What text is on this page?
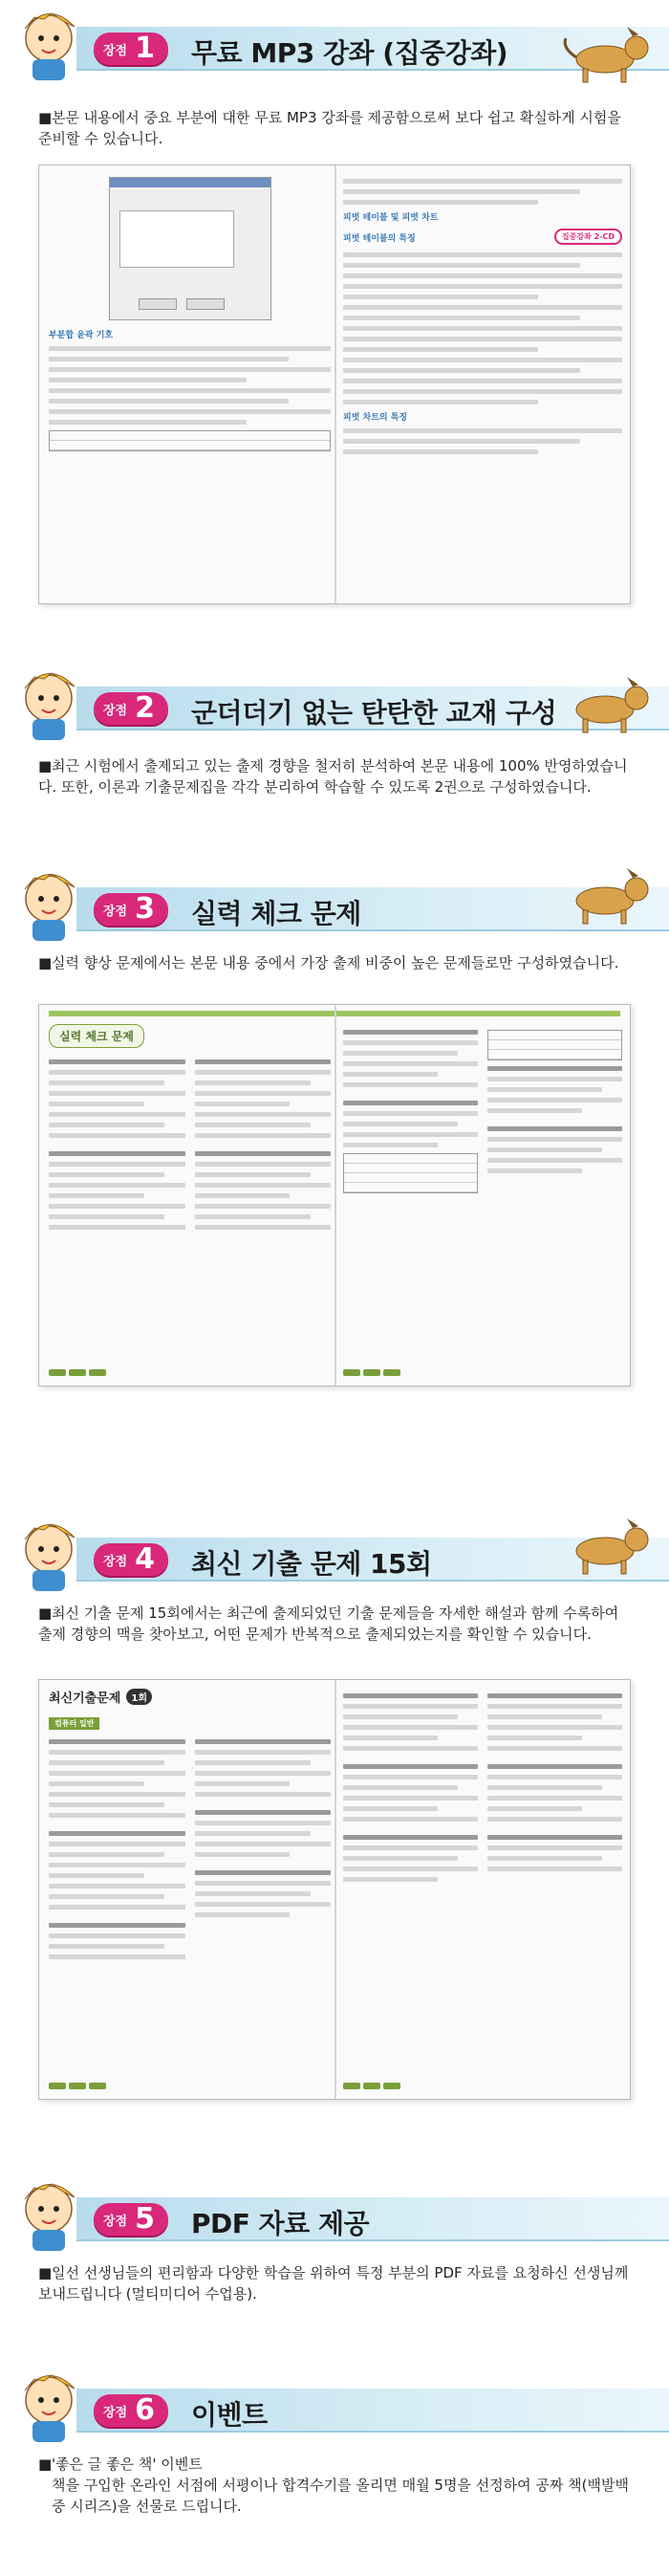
장점 1 무료 MP3 강좌 (집중강좌)
■본문 내용에서 중요 부분에 대한 무료 MP3 강좌를 제공함으로써 보다 쉽고 확실하게 시험을 준비할 수 있습니다.
부분합 윤곽 기호
피벗 테이블 및 피벗 차트
피벗 테이블의 특징	집중강좌 2-CD
피벗 차트의 특징
장점 2 군더더기 없는 탄탄한 교재 구성
■최근 시험에서 출제되고 있는 출제 경향을 철저히 분석하여 본문 내용에 100% 반영하였습니다. 또한, 이론과 기출문제집을 각각 분리하여 학습할 수 있도록 2권으로 구성하였습니다.
장점 3 실력 체크 문제
■실력 향상 문제에서는 본문 내용 중에서 가장 출제 비중이 높은 문제들로만 구성하였습니다.
실력 체크 문제
장점 4 최신 기출 문제 15회
■최신 기출 문제 15회에서는 최근에 출제되었던 기출 문제들을 자세한 해설과 함께 수록하여 출제 경향의 맥을 찾아보고, 어떤 문제가 반복적으로 출제되었는지를 확인할 수 있습니다.
최신기출문제	1회
컴퓨터 일반
장점 5 PDF 자료 제공
■일선 선생님들의 편리함과 다양한 학습을 위하여 특정 부분의 PDF 자료를 요청하신 선생님께 보내드립니다 (멀티미디어 수업용).
장점 6 이벤트
■'좋은 글 좋은 책' 이벤트
책을 구입한 온라인 서점에 서평이나 합격수기를 올리면 매월 5명을 선정하여 공짜 책(백발백중 시리즈)을 선물로 드립니다.
